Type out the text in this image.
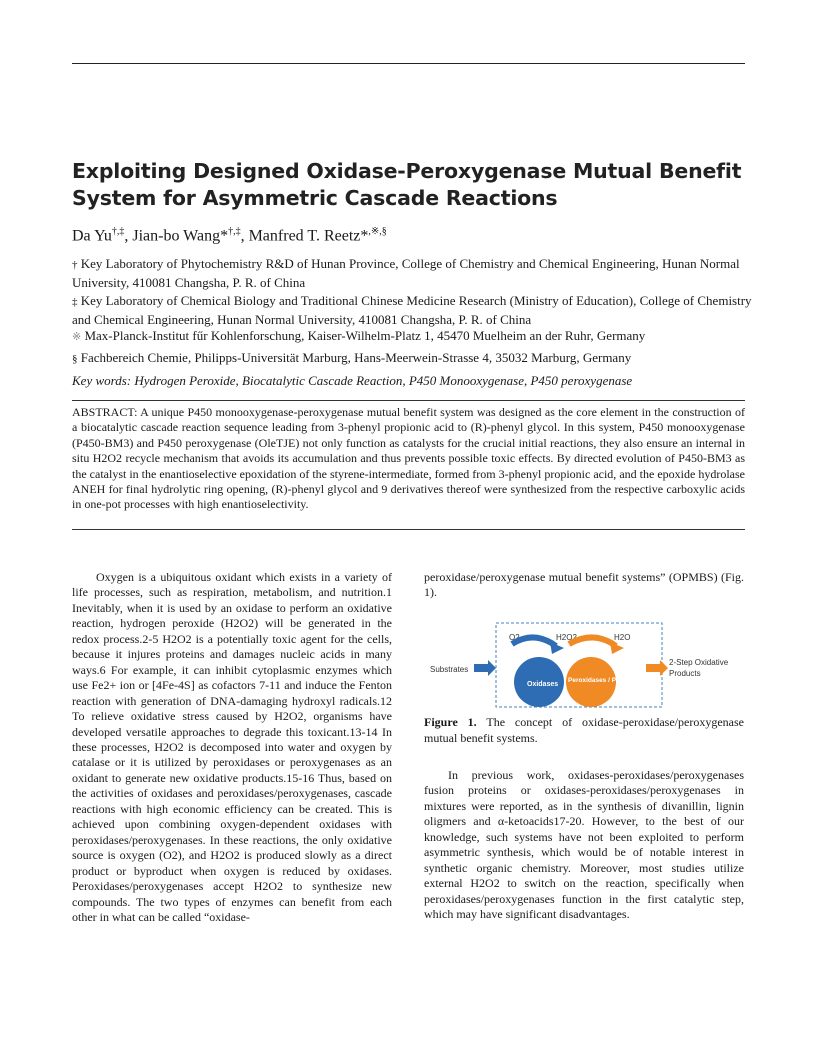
Exploiting Designed Oxidase-Peroxygenase Mutual Benefit System for Asymmetric Cascade Reactions
Da Yu†,‡, Jian-bo Wang*†,‡, Manfred T. Reetz*,※,§
† Key Laboratory of Phytochemistry R&D of Hunan Province, College of Chemistry and Chemical Engineering, Hunan Normal University, 410081 Changsha, P. R. of China
‡ Key Laboratory of Chemical Biology and Traditional Chinese Medicine Research (Ministry of Education), College of Chemistry and Chemical Engineering, Hunan Normal University, 410081 Changsha, P. R. of China
※ Max-Planck-Institut fűr Kohlenforschung, Kaiser-Wilhelm-Platz 1, 45470 Muelheim an der Ruhr, Germany
§ Fachbereich Chemie, Philipps-Universität Marburg, Hans-Meerwein-Strasse 4, 35032 Marburg, Germany
Key words: Hydrogen Peroxide, Biocatalytic Cascade Reaction, P450 Monooxygenase, P450 peroxygenase

ABSTRACT: A unique P450 monooxygenase-peroxygenase mutual benefit system was designed as the core element in the construction of a biocatalytic cascade reaction sequence leading from 3-phenyl propionic acid to (R)-phenyl glycol. In this system, P450 monooxygenase (P450-BM3) and P450 peroxygenase (OleTJE) not only function as catalysts for the crucial initial reactions, they also ensure an internal in situ H2O2 recycle mechanism that avoids its accumulation and thus prevents possible toxic effects. By directed evolution of P450-BM3 as the catalyst in the enantioselective epoxidation of the styrene-intermediate, formed from 3-phenyl propionic acid, and the epoxide hydrolase ANEH for final hydrolytic ring opening, (R)-phenyl glycol and 9 derivatives thereof were synthesized from the respective carboxylic acids in one-pot processes with high enantioselectivity.

Oxygen is a ubiquitous oxidant which exists in a variety of life processes, such as respiration, metabolism, and nutrition.1 Inevitably, when it is used by an oxidase to perform an oxidative reaction, hydrogen peroxide (H2O2) will be generated in the redox process.2-5 H2O2 is a potentially toxic agent for the cells, because it injures proteins and damages nucleic acids in many ways.6 For example, it can inhibit cytoplasmic enzymes which use Fe2+ ion or [4Fe-4S] as cofactors 7-11 and induce the Fenton reaction with generation of DNA-damaging hydroxyl radicals.12 To relieve oxidative stress caused by H2O2, organisms have developed versatile approaches to degrade this toxicant.13-14 In these processes, H2O2 is decomposed into water and oxygen by catalase or it is utilized by peroxidases or peroxygenases as an oxidant to generate new oxidative products.15-16 Thus, based on the activities of oxidases and peroxidases/peroxygenases, cascade reactions with high economic efficiency can be created. This is achieved upon combining oxygen-dependent oxidases with peroxidases/peroxygenases. In these reactions, the only oxidative source is oxygen (O2), and H2O2 is produced slowly as a direct product or byproduct when oxygen is reduced by oxidases. Peroxidases/peroxygenases accept H2O2 to synthesize new compounds. The two types of enzymes can benefit from each other in what can be called “oxidase-

peroxidase/peroxygenase mutual benefit systems” (OPMBS) (Fig. 1).

O2	H2O2	H2O
Oxidases
Peroxidases / Peroxygenases
Substrates
2-Step Oxidative
Products
Figure 1. The concept of oxidase-peroxidase/peroxygenase mutual benefit systems.

In previous work, oxidases-peroxidases/peroxygenases fusion proteins or oxidases-peroxidases/peroxygenases in mixtures were reported, as in the synthesis of divanillin, lignin oligmers and α-ketoacids17-20. However, to the best of our knowledge, such systems have not been exploited to perform asymmetric synthesis, which would be of notable interest in synthetic organic chemistry. Moreover, most studies utilize external H2O2 to switch on the reaction, specifically when peroxidases/peroxygenases function in the first catalytic step, which may have significant disadvantages.
